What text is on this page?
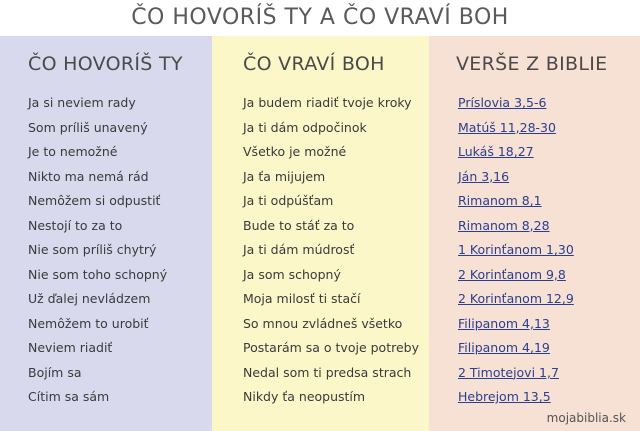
ČO HOVORÍŠ TY A ČO VRAVÍ BOH
ČO HOVORÍŠ TY
Ja si neviem rady
Som príliš unavený
Je to nemožné
Nikto ma nemá rád
Nemôžem si odpustiť
Nestojí to za to
Nie som príliš chytrý
Nie som toho schopný
Už ďalej nevládzem
Nemôžem to urobiť
Neviem riadiť
Bojím sa
Cítim sa sám
ČO VRAVÍ BOH
Ja budem riadiť tvoje kroky
Ja ti dám odpočinok
Všetko je možné
Ja ťa mijujem
Ja ti odpúšťam
Bude to stáť za to
Ja ti dám múdrosť
Ja som schopný
Moja milosť ti stačí
So mnou zvládneš všetko
Postarám sa o tvoje potreby
Nedal som ti predsa strach
Nikdy ťa neopustím
VERŠE Z BIBLIE
Príslovia 3,5-6
Matúš 11,28-30
Lukáš 18,27
Ján 3,16
Rimanom 8,1
Rimanom 8,28
1 Korinťanom 1,30
2 Korinťanom 9,8
2 Korinťanom 12,9
Filipanom 4,13
Filipanom 4,19
2 Timotejovi 1,7
Hebrejom 13,5
mojabiblia.sk
